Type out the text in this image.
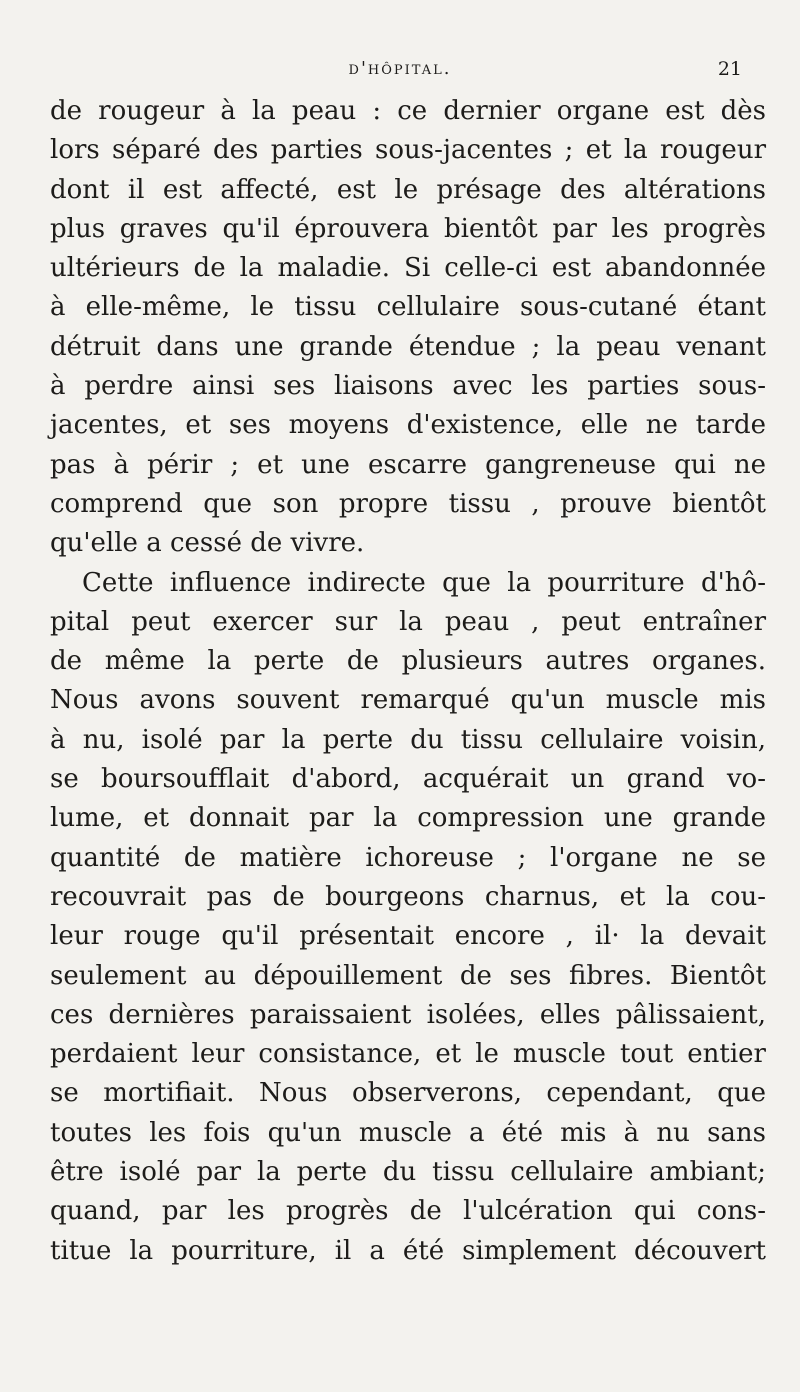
d'hôpital.	21
de rougeur à la peau : ce dernier organe est dès
lors séparé des parties sous-jacentes ; et la rougeur
dont il est affecté, est le présage des altérations
plus graves qu'il éprouvera bientôt par les progrès
ultérieurs de la maladie. Si celle-ci est abandonnée
à elle-même, le tissu cellulaire sous-cutané étant
détruit dans une grande étendue ; la peau venant
à perdre ainsi ses liaisons avec les parties sous-
jacentes, et ses moyens d'existence, elle ne tarde
pas à périr ; et une escarre gangreneuse qui ne
comprend que son propre tissu , prouve bientôt
qu'elle a cessé de vivre.
Cette influence indirecte que la pourriture d'hô-
pital peut exercer sur la peau , peut entraîner
de même la perte de plusieurs autres organes.
Nous avons souvent remarqué qu'un muscle mis
à nu, isolé par la perte du tissu cellulaire voisin,
se boursoufflait d'abord, acquérait un grand vo-
lume, et donnait par la compression une grande
quantité de matière ichoreuse ; l'organe ne se
recouvrait pas de bourgeons charnus, et la cou-
leur rouge qu'il présentait encore , il· la devait
seulement au dépouillement de ses fibres. Bientôt
ces dernières paraissaient isolées, elles pâlissaient,
perdaient leur consistance, et le muscle tout entier
se mortifiait. Nous observerons, cependant, que
toutes les fois qu'un muscle a été mis à nu sans
être isolé par la perte du tissu cellulaire ambiant;
quand, par les progrès de l'ulcération qui cons-
titue la pourriture, il a été simplement découvert
